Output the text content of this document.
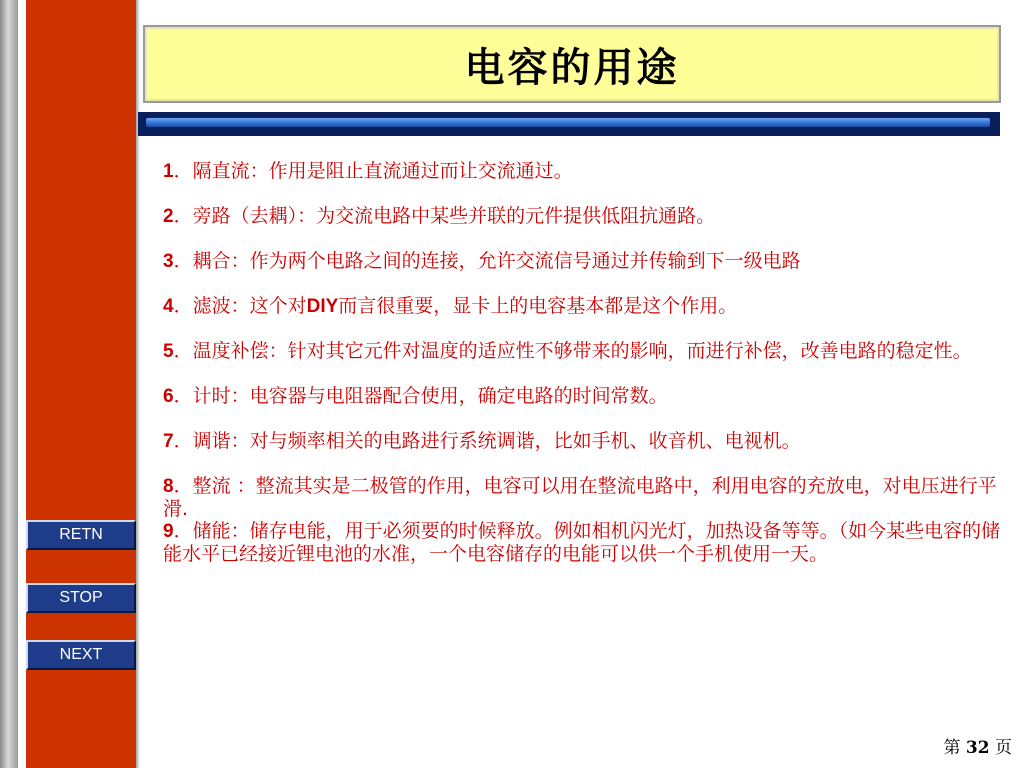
电容的用途

1．隔直流：作用是阻止直流通过而让交流通过。

2．旁路（去耦）：为交流电路中某些并联的元件提供低阻抗通路。

3．耦合：作为两个电路之间的连接，允许交流信号通过并传输到下一级电路

4．滤波：这个对DIY而言很重要，显卡上的电容基本都是这个作用。

5．温度补偿：针对其它元件对温度的适应性不够带来的影响，而进行补偿，改善电路的稳定性。

6．计时：电容器与电阻器配合使用，确定电路的时间常数。

7．调谐：对与频率相关的电路进行系统调谐，比如手机、收音机、电视机。

8．整流 ：整流其实是二极管的作用，电容可以用在整流电路中，利用电容的充放电，对电压进行平滑.

9．储能：储存电能，用于必须要的时候释放。例如相机闪光灯，加热设备等等。（如今某些电容的储能水平已经接近锂电池的水准，一个电容储存的电能可以供一个手机使用一天。

RETN
STOP
NEXT
第 32 页
